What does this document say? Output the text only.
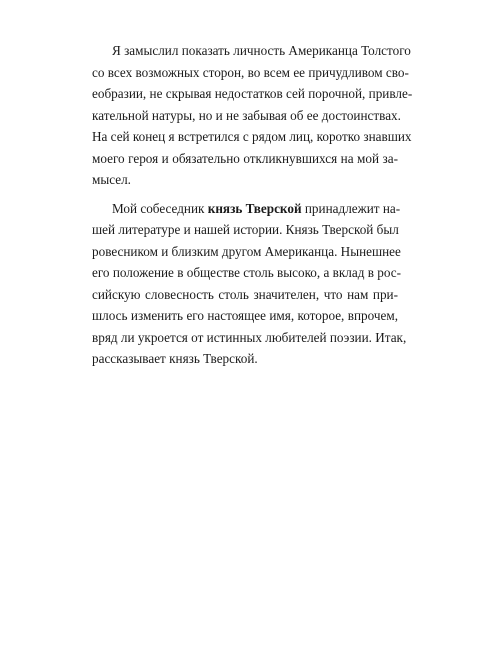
Я замыслил показать личность Американца Толстого
со всех возможных сторон, во всем ее причудливом сво-
еобразии, не скрывая недостатков сей порочной, привле-
кательной натуры, но и не забывая об ее достоинствах.
На сей конец я встретился с рядом лиц, коротко знавших
моего героя и обязательно откликнувшихся на мой за-
мысел.

Мой собеседник князь Тверской принадлежит на-
шей литературе и нашей истории. Князь Тверской был
ровесником и близким другом Американца. Нынешнее
его положение в обществе столь высоко, а вклад в рос-
сийскую словесность столь значителен, что нам при-
шлось изменить его настоящее имя, которое, впрочем,
вряд ли укроется от истинных любителей поэзии. Итак,
рассказывает князь Тверской.
